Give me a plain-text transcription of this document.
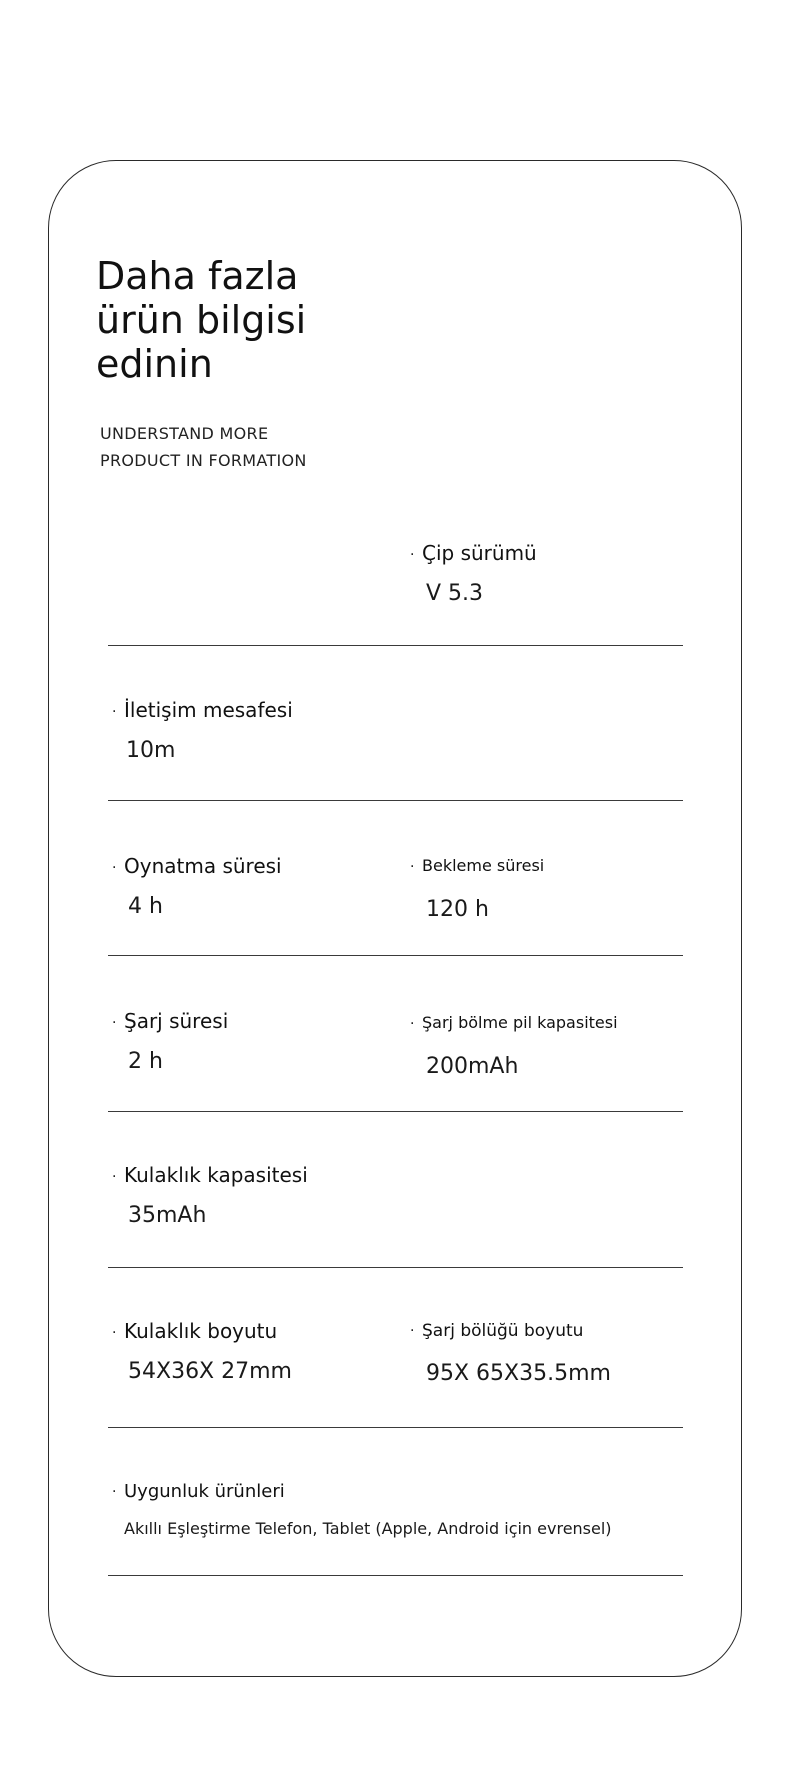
Daha fazla ürün bilgisi edinin
UNDERSTAND MORE
PRODUCT IN FORMATION
· Çip sürümü
V 5.3
· İletişim mesafesi
10m
· Oynatma süresi
4 h
· Bekleme süresi
120 h
· Şarj süresi
2 h
· Şarj bölme pil kapasitesi
200mAh
· Kulaklık kapasitesi
35mAh
· Kulaklık boyutu
54X36X 27mm
· Şarj bölüğü boyutu
95X 65X35.5mm
· Uygunluk ürünleri
Akıllı Eşleştirme Telefon, Tablet (Apple, Android için evrensel)
